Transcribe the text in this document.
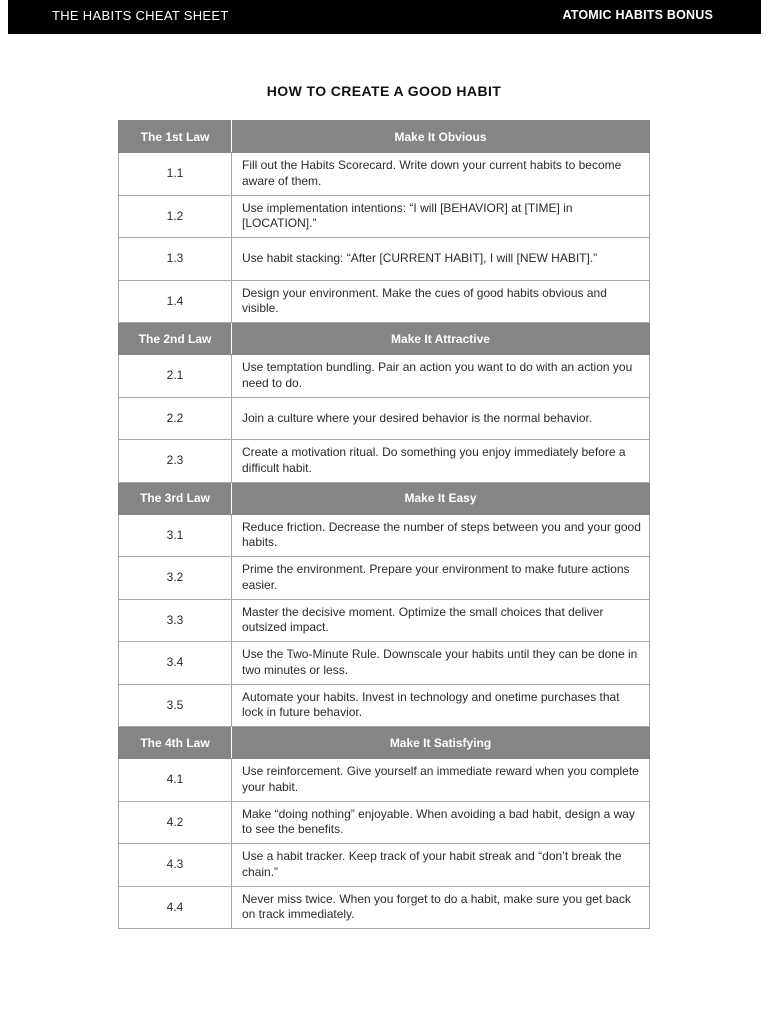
THE HABITS CHEAT SHEET	ATOMIC HABITS BONUS
HOW TO CREATE A GOOD HABIT
The 1st Law	Make It Obvious
1.1	Fill out the Habits Scorecard. Write down your current habits to become aware of them.
1.2	Use implementation intentions: “I will [BEHAVIOR] at [TIME] in [LOCATION].”
1.3	Use habit stacking: “After [CURRENT HABIT], I will [NEW HABIT].”
1.4	Design your environment. Make the cues of good habits obvious and visible.
The 2nd Law	Make It Attractive
2.1	Use temptation bundling. Pair an action you want to do with an action you need to do.
2.2	Join a culture where your desired behavior is the normal behavior.
2.3	Create a motivation ritual. Do something you enjoy immediately before a difficult habit.
The 3rd Law	Make It Easy
3.1	Reduce friction. Decrease the number of steps between you and your good habits.
3.2	Prime the environment. Prepare your environment to make future actions easier.
3.3	Master the decisive moment. Optimize the small choices that deliver outsized impact.
3.4	Use the Two-Minute Rule. Downscale your habits until they can be done in two minutes or less.
3.5	Automate your habits. Invest in technology and onetime purchases that lock in future behavior.
The 4th Law	Make It Satisfying
4.1	Use reinforcement. Give yourself an immediate reward when you complete your habit.
4.2	Make “doing nothing” enjoyable. When avoiding a bad habit, design a way to see the benefits.
4.3	Use a habit tracker. Keep track of your habit streak and “don’t break the chain.”
4.4	Never miss twice. When you forget to do a habit, make sure you get back on track immediately.
